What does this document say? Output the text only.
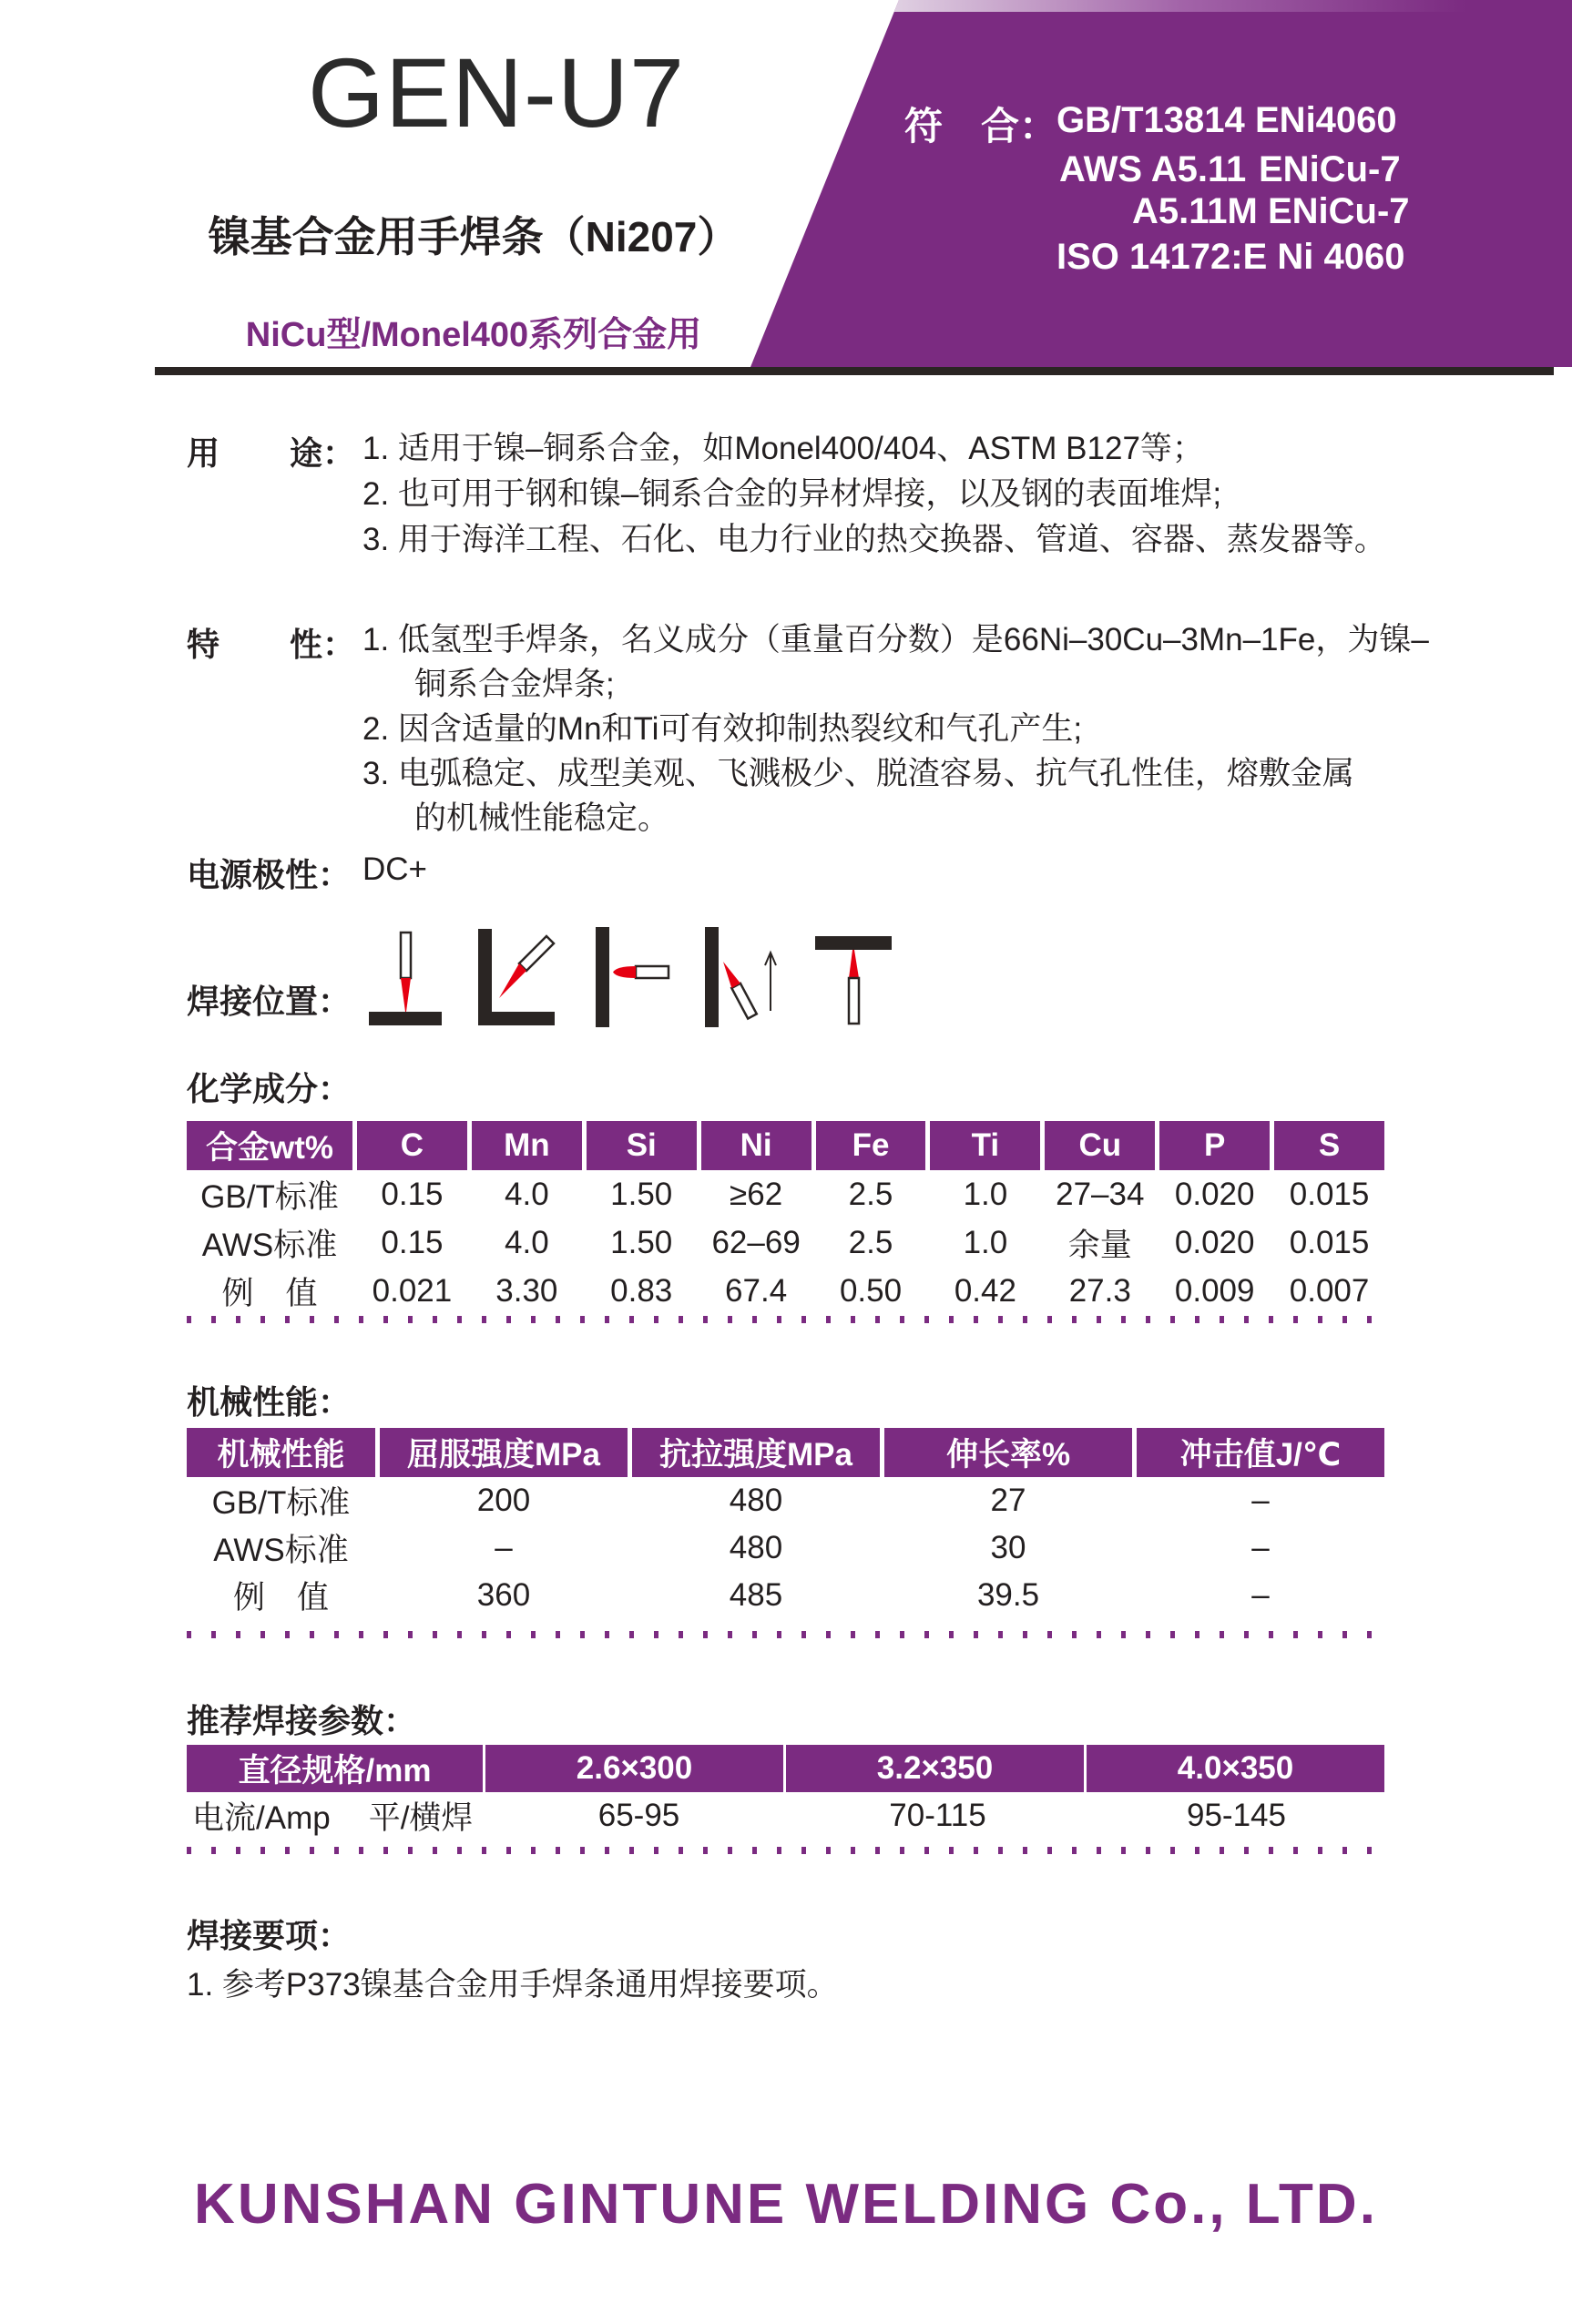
符　合：
GB/T13814 ENi4060
AWS A5.11 ENiCu-7
A5.11M ENiCu-7
ISO 14172:E Ni 4060
GEN-U7
镍基合金用手焊条（Ni207）
NiCu型/Monel400系列合金用
用 途： 1. 适用于镍–铜系合金，如Monel400/404、ASTM B127等；
2. 也可用于钢和镍–铜系合金的异材焊接，以及钢的表面堆焊;
3. 用于海洋工程、石化、电力行业的热交换器、管道、容器、蒸发器等。
特 性： 1. 低氢型手焊条，名义成分（重量百分数）是66Ni–30Cu–3Mn–1Fe，为镍–
铜系合金焊条;
2. 因含适量的Mn和Ti可有效抑制热裂纹和气孔产生;
3. 电弧稳定、成型美观、飞溅极少、脱渣容易、抗气孔性佳，熔敷金属
的机械性能稳定。
电源极性： DC+
焊接位置：
化学成分：
合金wt%	C	Mn	Si	Ni	Fe	Ti	Cu	P	S
GB/T标准	0.15	4.0	1.50	≥62	2.5	1.0	27–34 0.020	0.015
AWS标准	0.15	4.0	1.50	62–69	2.5	1.0	余量	0.020	0.015
例　值	0.021	3.30	0.83	67.4	0.50	0.42	27.3	0.009	0.007
机械性能：
机械性能	屈服强度MPa	抗拉强度MPa	伸长率%	冲击值J/℃
GB/T标准	200	480	27	–
AWS标准	–	480	30	–
例　值	360	485	39.5	–
推荐焊接参数：
直径规格/mm	2.6×300	3.2×350	4.0×350
电流/Amp 平/横焊	65-95	70-115	95-145
焊接要项：
1. 参考P373镍基合金用手焊条通用焊接要项。
KUNSHAN GINTUNE WELDING Co., LTD.
